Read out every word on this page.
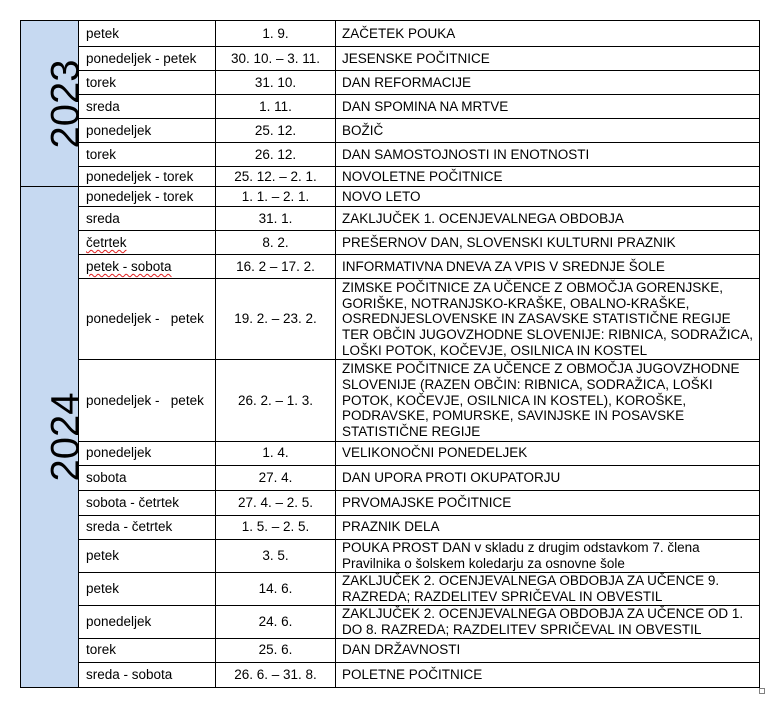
2023	petek	1. 9.	ZAČETEK POUKA
	ponedeljek - petek	30. 10. – 3. 11.	JESENSKE POČITNICE
	torek	31. 10.	DAN REFORMACIJE
	sreda	1. 11.	DAN SPOMINA NA MRTVE
	ponedeljek	25. 12.	BOŽIČ
	torek	26. 12.	DAN SAMOSTOJNOSTI IN ENOTNOSTI
	ponedeljek - torek	25. 12. – 2. 1.	NOVOLETNE POČITNICE
2024	ponedeljek - torek	1. 1. – 2. 1.	NOVO LETO
	sreda	31. 1.	ZAKLJUČEK 1. OCENJEVALNEGA OBDOBJA
	četrtek	8. 2.	PREŠERNOV DAN, SLOVENSKI KULTURNI PRAZNIK
	petek - sobota	16. 2 – 17. 2.	INFORMATIVNA DNEVA ZA VPIS V SREDNJE ŠOLE
	ponedeljek -   petek	19. 2. – 23. 2.	ZIMSKE POČITNICE ZA UČENCE Z OBMOČJA GORENJSKE, GORIŠKE, NOTRANJSKO-KRAŠKE, OBALNO-KRAŠKE, OSREDNJESLOVENSKE IN ZASAVSKE STATISTIČNE REGIJE TER OBČIN JUGOVZHODNE SLOVENIJE: RIBNICA, SODRAŽICA, LOŠKI POTOK, KOČEVJE, OSILNICA IN KOSTEL
	ponedeljek -   petek	26. 2. – 1. 3.	ZIMSKE POČITNICE ZA UČENCE Z OBMOČJA JUGOVZHODNE SLOVENIJE (RAZEN OBČIN: RIBNICA, SODRAŽICA, LOŠKI POTOK, KOČEVJE, OSILNICA IN KOSTEL), KOROŠKE, PODRAVSKE, POMURSKE, SAVINJSKE IN POSAVSKE STATISTIČNE REGIJE
	ponedeljek	1. 4.	VELIKONOČNI PONEDELJEK
	sobota	27. 4.	DAN UPORA PROTI OKUPATORJU
	sobota - četrtek	27. 4. – 2. 5.	PRVOMAJSKE POČITNICE
	sreda - četrtek	1. 5. – 2. 5.	PRAZNIK DELA
	petek	3. 5.	POUKA PROST DAN v skladu z drugim odstavkom 7. člena Pravilnika o šolskem koledarju za osnovne šole
	petek	14. 6.	ZAKLJUČEK 2. OCENJEVALNEGA OBDOBJA ZA UČENCE 9. RAZREDA; RAZDELITEV SPRIČEVAL IN OBVESTIL
	ponedeljek	24. 6.	ZAKLJUČEK 2. OCENJEVALNEGA OBDOBJA ZA UČENCE OD 1. DO 8. RAZREDA; RAZDELITEV SPRIČEVAL IN OBVESTIL
	torek	25. 6.	DAN DRŽAVNOSTI
	sreda - sobota	26. 6. – 31. 8.	POLETNE POČITNICE
